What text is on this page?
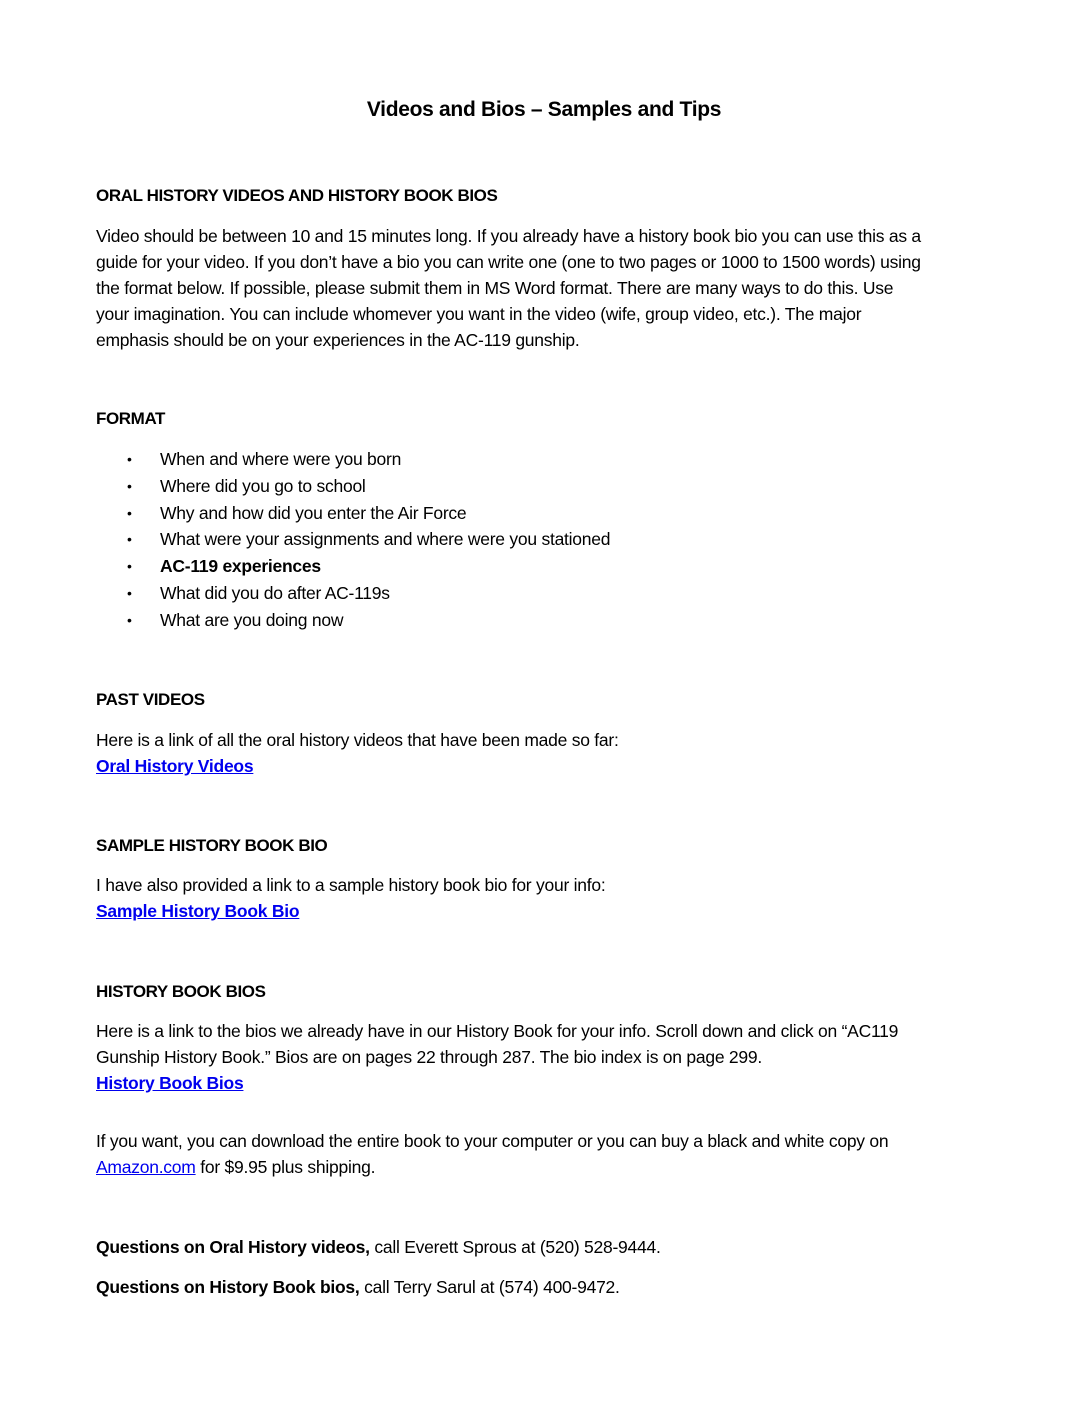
Videos and Bios – Samples and Tips
ORAL HISTORY VIDEOS AND HISTORY BOOK BIOS
Video should be between 10 and 15 minutes long. If you already have a history book bio you can use this as a
guide for your video. If you don’t have a bio you can write one (one to two pages or 1000 to 1500 words) using
the format below. If possible, please submit them in MS Word format. There are many ways to do this. Use
your imagination. You can include whomever you want in the video (wife, group video, etc.). The major
emphasis should be on your experiences in the AC-119 gunship.
FORMAT
• When and where were you born
• Where did you go to school
• Why and how did you enter the Air Force
• What were your assignments and where were you stationed
• AC-119 experiences
• What did you do after AC-119s
• What are you doing now
PAST VIDEOS
Here is a link of all the oral history videos that have been made so far:
Oral History Videos
SAMPLE HISTORY BOOK BIO
I have also provided a link to a sample history book bio for your info:
Sample History Book Bio
HISTORY BOOK BIOS
Here is a link to the bios we already have in our History Book for your info. Scroll down and click on “AC119
Gunship History Book.” Bios are on pages 22 through 287. The bio index is on page 299.
History Book Bios
If you want, you can download the entire book to your computer or you can buy a black and white copy on
Amazon.com for $9.95 plus shipping.
Questions on Oral History videos, call Everett Sprous at (520) 528-9444.
Questions on History Book bios, call Terry Sarul at (574) 400-9472.
